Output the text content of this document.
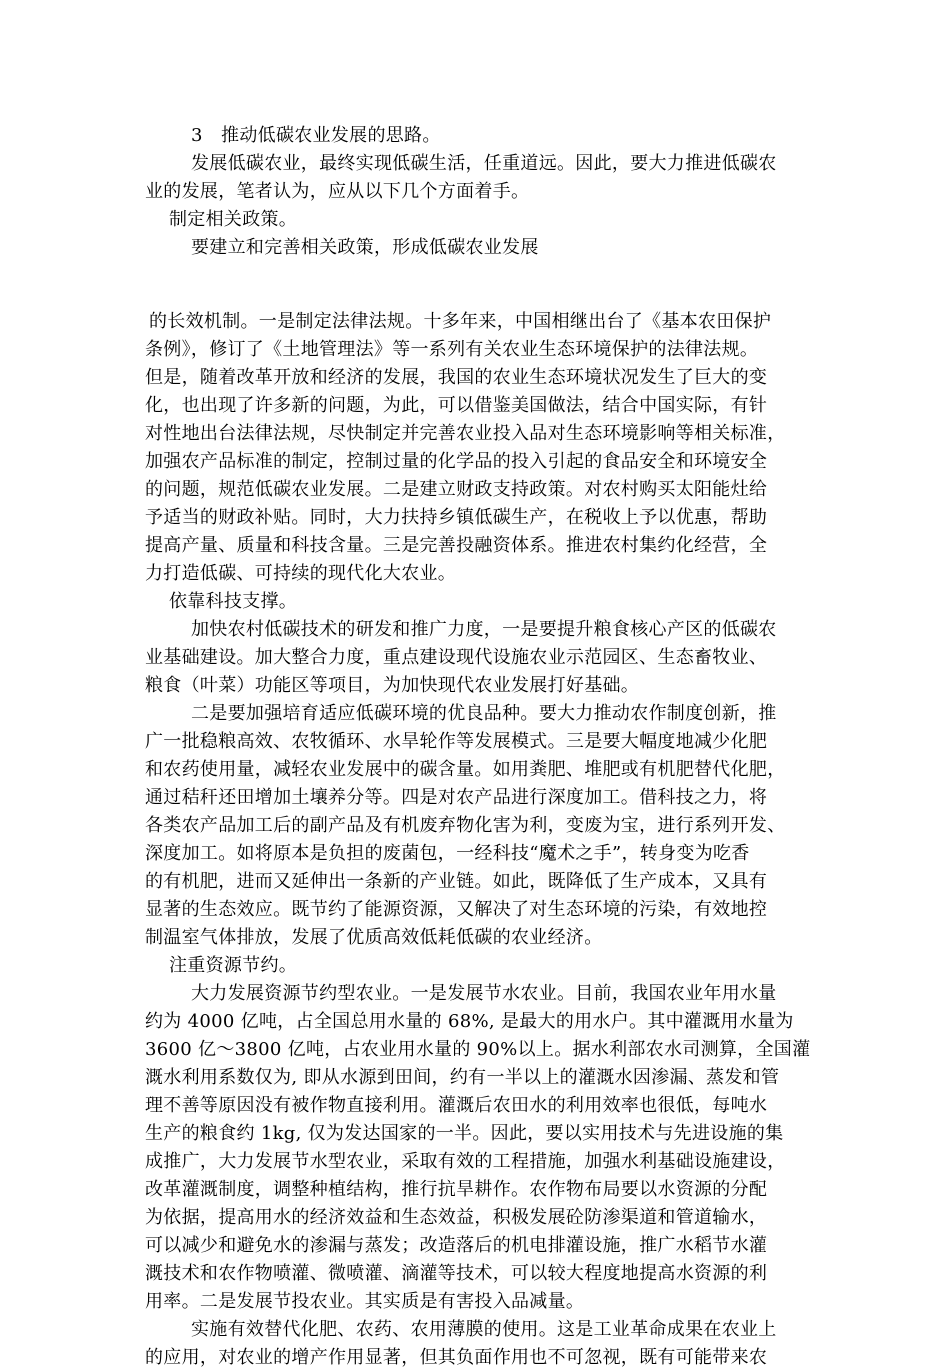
3　推动低碳农业发展的思路。
发展低碳农业，最终实现低碳生活，任重道远。因此，要大力推进低碳农
业的发展，笔者认为，应从以下几个方面着手。
制定相关政策。
要建立和完善相关政策，形成低碳农业发展
的长效机制。一是制定法律法规。十多年来，中国相继出台了《基本农田保护
条例》，修订了《土地管理法》等一系列有关农业生态环境保护的法律法规。
但是，随着改革开放和经济的发展，我国的农业生态环境状况发生了巨大的变
化，也出现了许多新的问题，为此，可以借鉴美国做法，结合中国实际，有针
对性地出台法律法规，尽快制定并完善农业投入品对生态环境影响等相关标准，
加强农产品标准的制定，控制过量的化学品的投入引起的食品安全和环境安全
的问题，规范低碳农业发展。二是建立财政支持政策。对农村购买太阳能灶给
予适当的财政补贴。同时，大力扶持乡镇低碳生产，在税收上予以优惠，帮助
提高产量、质量和科技含量。三是完善投融资体系。推进农村集约化经营，全
力打造低碳、可持续的现代化大农业。
依靠科技支撑。
加快农村低碳技术的研发和推广力度，一是要提升粮食核心产区的低碳农
业基础建设。加大整合力度，重点建设现代设施农业示范园区、生态畜牧业、
粮食（叶菜）功能区等项目，为加快现代农业发展打好基础。
二是要加强培育适应低碳环境的优良品种。要大力推动农作制度创新，推
广一批稳粮高效、农牧循环、水旱轮作等发展模式。三是要大幅度地减少化肥
和农药使用量，减轻农业发展中的碳含量。如用粪肥、堆肥或有机肥替代化肥，
通过秸秆还田增加土壤养分等。四是对农产品进行深度加工。借科技之力，将
各类农产品加工后的副产品及有机废弃物化害为利，变废为宝，进行系列开发、
深度加工。如将原本是负担的废菌包，一经科技“魔术之手”，转身变为吃香
的有机肥，进而又延伸出一条新的产业链。如此，既降低了生产成本，又具有
显著的生态效应。既节约了能源资源，又解决了对生态环境的污染，有效地控
制温室气体排放，发展了优质高效低耗低碳的农业经济。
注重资源节约。
大力发展资源节约型农业。一是发展节水农业。目前，我国农业年用水量
约为 4000 亿吨，占全国总用水量的 68%, 是最大的用水户。其中灌溉用水量为
3600 亿～3800 亿吨，占农业用水量的 90%以上。据水利部农水司测算，全国灌
溉水利用系数仅为, 即从水源到田间，约有一半以上的灌溉水因渗漏、蒸发和管
理不善等原因没有被作物直接利用。灌溉后农田水的利用效率也很低，每吨水
生产的粮食约 1kg, 仅为发达国家的一半。因此，要以实用技术与先进设施的集
成推广，大力发展节水型农业，采取有效的工程措施，加强水利基础设施建设，
改革灌溉制度，调整种植结构，推行抗旱耕作。农作物布局要以水资源的分配
为依据，提高用水的经济效益和生态效益，积极发展砼防渗渠道和管道输水，
可以减少和避免水的渗漏与蒸发；改造落后的机电排灌设施，推广水稻节水灌
溉技术和农作物喷灌、微喷灌、滴灌等技术，可以较大程度地提高水资源的利
用率。二是发展节投农业。其实质是有害投入品减量。
实施有效替代化肥、农药、农用薄膜的使用。这是工业革命成果在农业上
的应用，对农业的增产作用显著，但其负面作用也不可忽视，既有可能带来农
